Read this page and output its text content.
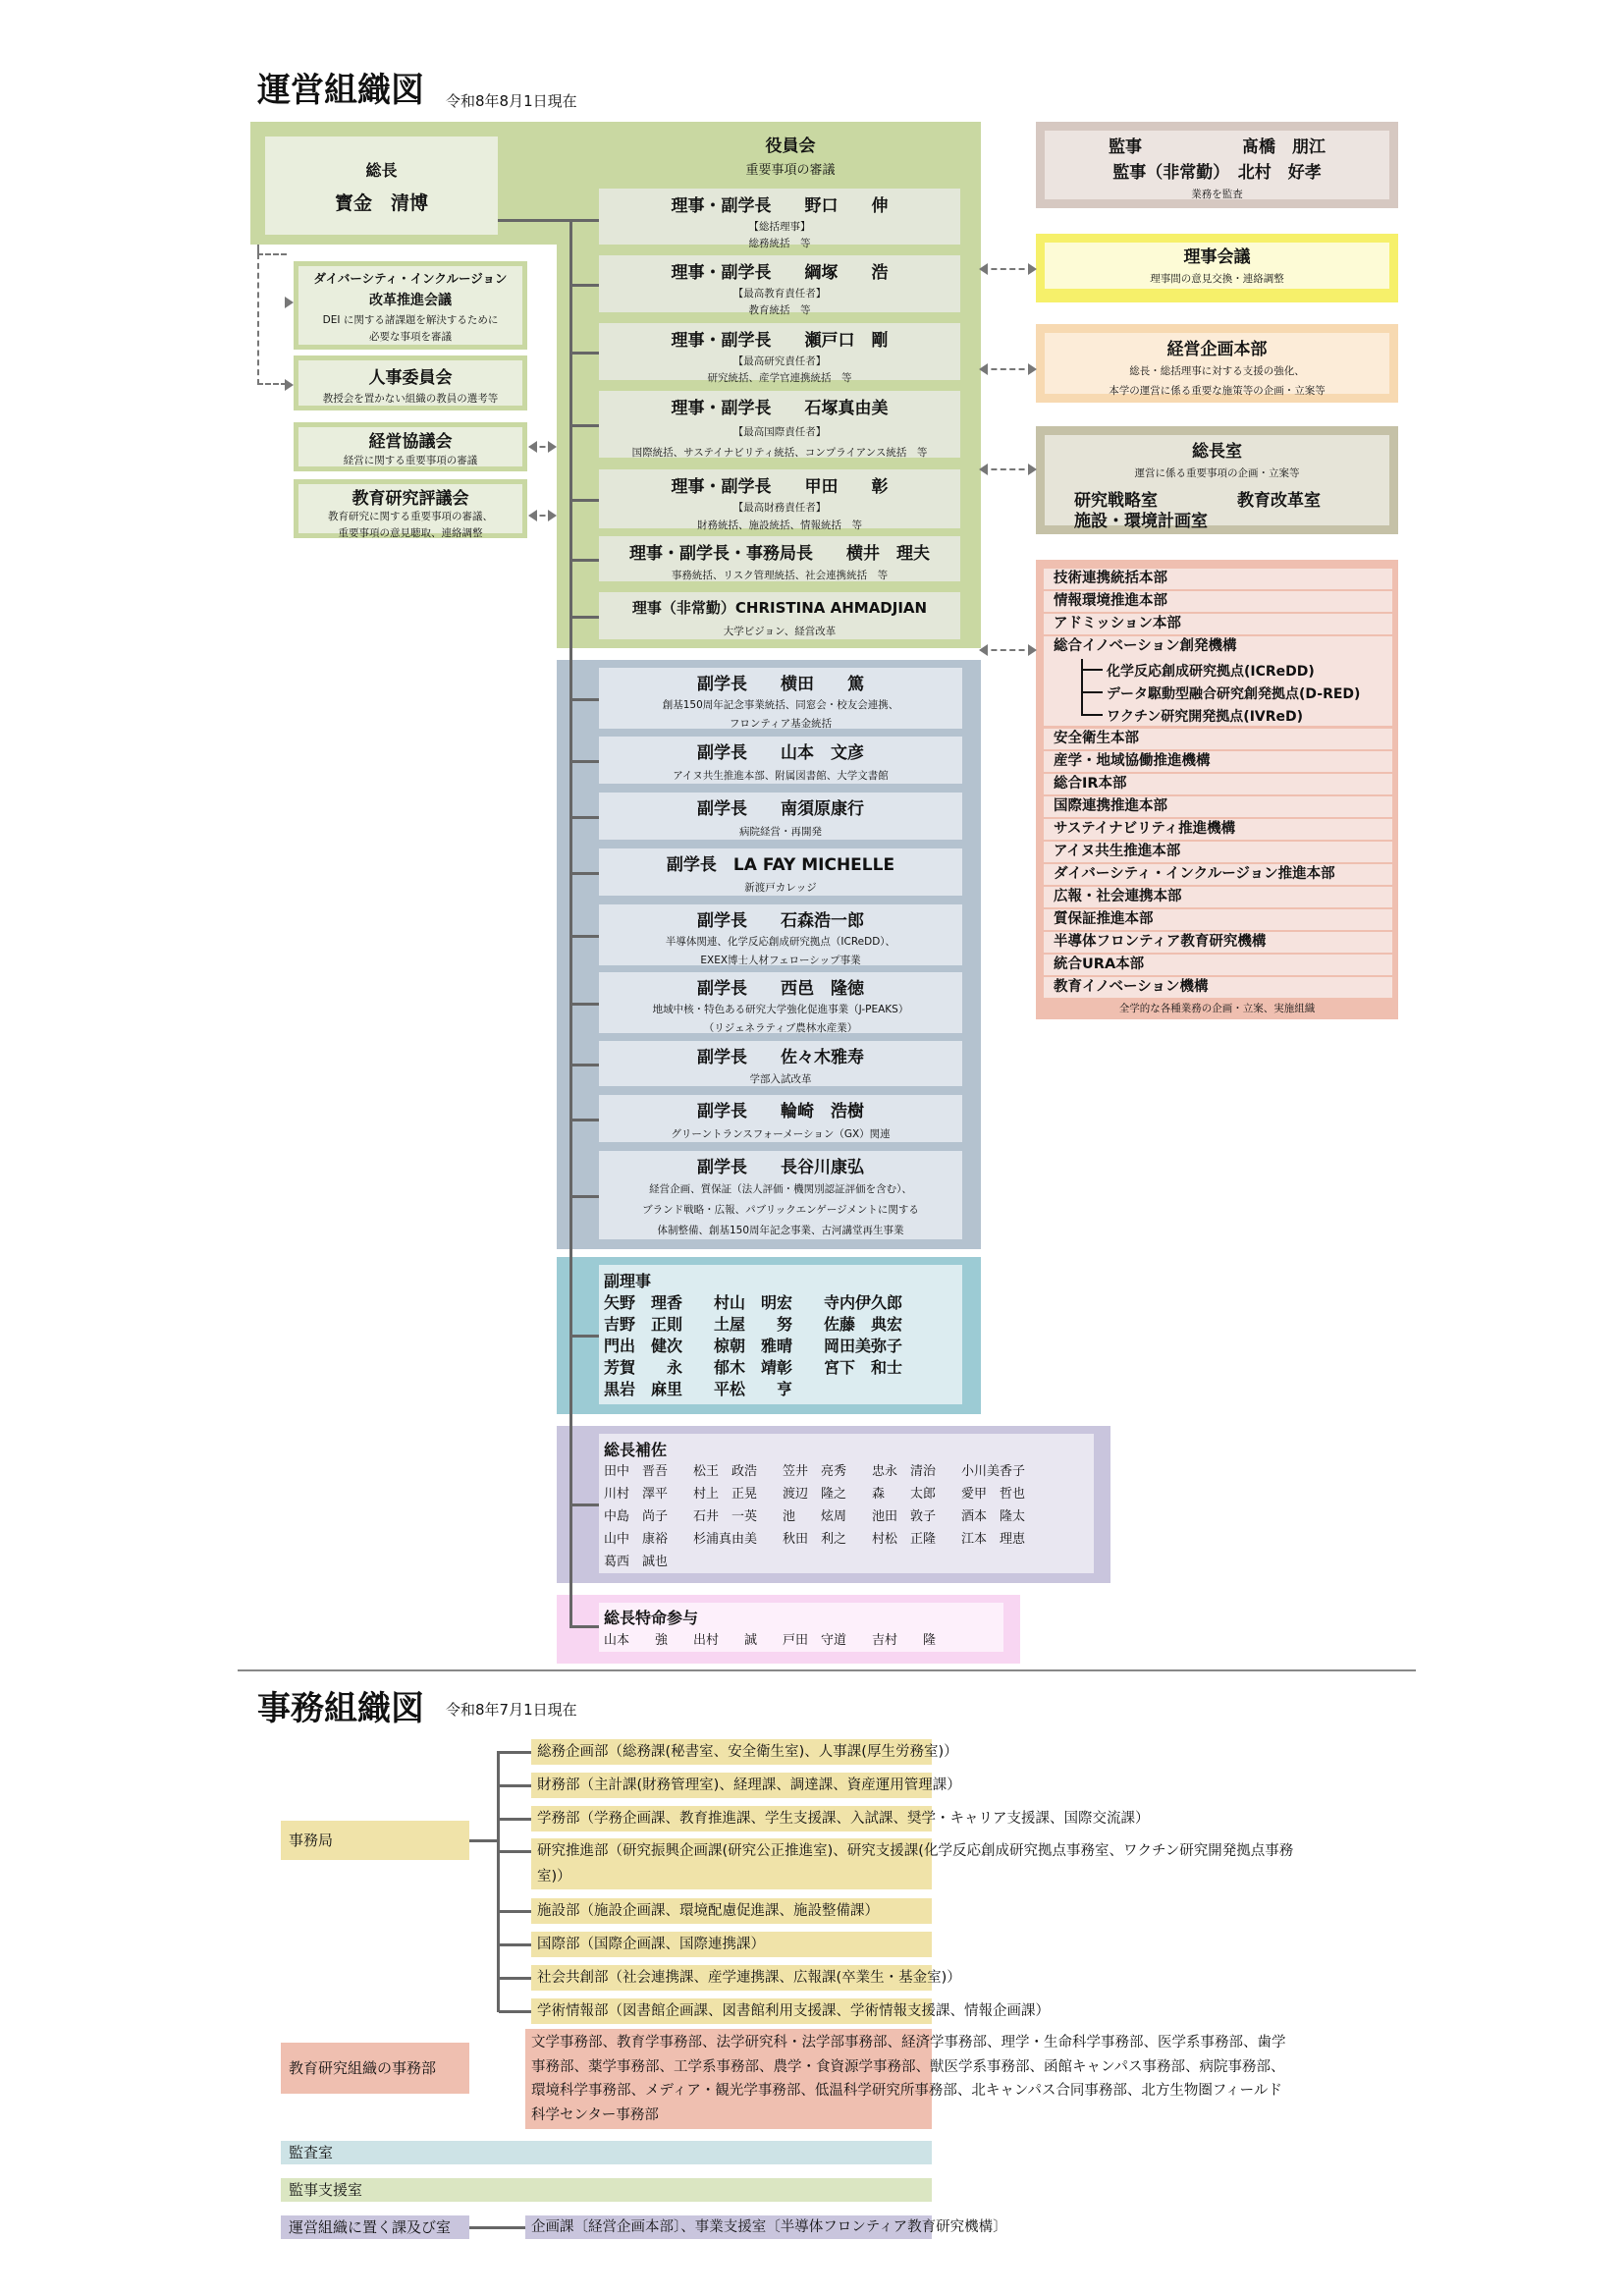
運営組織図 令和8年8月1日現在
総長
寳金　清博
役員会
重要事項の審議
理事・副学長　　野口　　伸
【総括理事】
総務統括　等
理事・副学長　　綱塚　　浩
【最高教育責任者】
教育統括　等
理事・副学長　　瀬戸口　剛
【最高研究責任者】
研究統括、産学官連携統括　等
理事・副学長　　石塚真由美
【最高国際責任者】
国際統括、サステイナビリティ統括、コンプライアンス統括　等
理事・副学長　　甲田　　彰
【最高財務責任者】
財務統括、施設統括、情報統括　等
理事・副学長・事務局長　　横井　理夫
事務統括、リスク管理統括、社会連携統括　等
理事（非常勤）CHRISTINA AHMADJIAN
大学ビジョン、経営改革
ダイバーシティ・インクルージョン
改革推進会議
DEI に関する諸課題を解決するために
必要な事項を審議
人事委員会
教授会を置かない組織の教員の選考等
経営協議会
経営に関する重要事項の審議
教育研究評議会
教育研究に関する重要事項の審議、
重要事項の意見聴取、連絡調整
監事　　　　　　髙橋　朋江
監事（非常勤）　北村　好孝
業務を監査
理事会議
理事間の意見交換・連絡調整
経営企画本部
総長・総括理事に対する支援の強化、
本学の運営に係る重要な施策等の企画・立案等
総長室
運営に係る重要事項の企画・立案等
研究戦略室	教育改革室
施設・環境計画室
技術連携統括本部
情報環境推進本部
アドミッション本部
総合イノベーション創発機構
化学反応創成研究拠点(ICReDD)
データ駆動型融合研究創発拠点(D-RED)
ワクチン研究開発拠点(IVReD)
安全衛生本部
産学・地域協働推進機構
総合IR本部
国際連携推進本部
サステイナビリティ推進機構
アイヌ共生推進本部
ダイバーシティ・インクルージョン推進本部
広報・社会連携本部
質保証推進本部
半導体フロンティア教育研究機構
統合URA本部
教育イノベーション機構
全学的な各種業務の企画・立案、実施組織
副学長　　横田　　篤
創基150周年記念事業統括、同窓会・校友会連携、
フロンティア基金統括
副学長　　山本　文彦
アイヌ共生推進本部、附属図書館、大学文書館
副学長　　南須原康行
病院経営・再開発
副学長　LA FAY MICHELLE
新渡戸カレッジ
副学長　　石森浩一郎
半導体関連、化学反応創成研究拠点（ICReDD）、
EXEX博士人材フェローシップ事業
副学長　　西邑　隆徳
地域中核・特色ある研究大学強化促進事業（J-PEAKS）
（リジェネラティブ農林水産業）
副学長　　佐々木雅寿
学部入試改革
副学長　　輪崎　浩樹
グリーントランスフォーメーション（GX）関連
副学長　　長谷川康弘
経営企画、質保証（法人評価・機関別認証評価を含む）、
ブランド戦略・広報、パブリックエンゲージメントに関する
体制整備、創基150周年記念事業、古河講堂再生事業
副理事
矢野　理香　　村山　明宏　　寺内伊久郎
吉野　正則　　土屋　　努　　佐藤　典宏
門出　健次　　椋朝　雅晴　　岡田美弥子
芳賀　　永　　郁木　靖彰　　宮下　和士
黒岩　麻里　　平松　　亨
総長補佐
田中　晋吾　　松王　政浩　　笠井　亮秀　　忠永　清治　　小川美香子
川村　澤平　　村上　正晃　　渡辺　隆之　　森　　太郎　　愛甲　哲也
中島　尚子　　石井　一英　　池　　炫周　　池田　敦子　　酒本　隆太
山中　康裕　　杉浦真由美　　秋田　利之　　村松　正隆　　江本　理恵
葛西　誠也
総長特命参与
山本　　強　　出村　　誠　　戸田　守道　　吉村　　隆
事務組織図 令和8年7月1日現在
事務局
総務企画部（総務課(秘書室、安全衛生室)、人事課(厚生労務室)）
財務部（主計課(財務管理室)、経理課、調達課、資産運用管理課）
学務部（学務企画課、教育推進課、学生支援課、入試課、奨学・キャリア支援課、国際交流課）
研究推進部（研究振興企画課(研究公正推進室)、研究支援課(化学反応創成研究拠点事務室、ワクチン研究開発拠点事務
室)）
施設部（施設企画課、環境配慮促進課、施設整備課）
国際部（国際企画課、国際連携課）
社会共創部（社会連携課、産学連携課、広報課(卒業生・基金室)）
学術情報部（図書館企画課、図書館利用支援課、学術情報支援課、情報企画課）
教育研究組織の事務部
文学事務部、教育学事務部、法学研究科・法学部事務部、経済学事務部、理学・生命科学事務部、医学系事務部、歯学
事務部、薬学事務部、工学系事務部、農学・食資源学事務部、獣医学系事務部、函館キャンパス事務部、病院事務部、
環境科学事務部、メディア・観光学事務部、低温科学研究所事務部、北キャンパス合同事務部、北方生物圏フィールド
科学センター事務部
監査室
監事支援室
運営組織に置く課及び室	企画課〔経営企画本部〕、事業支援室〔半導体フロンティア教育研究機構〕
